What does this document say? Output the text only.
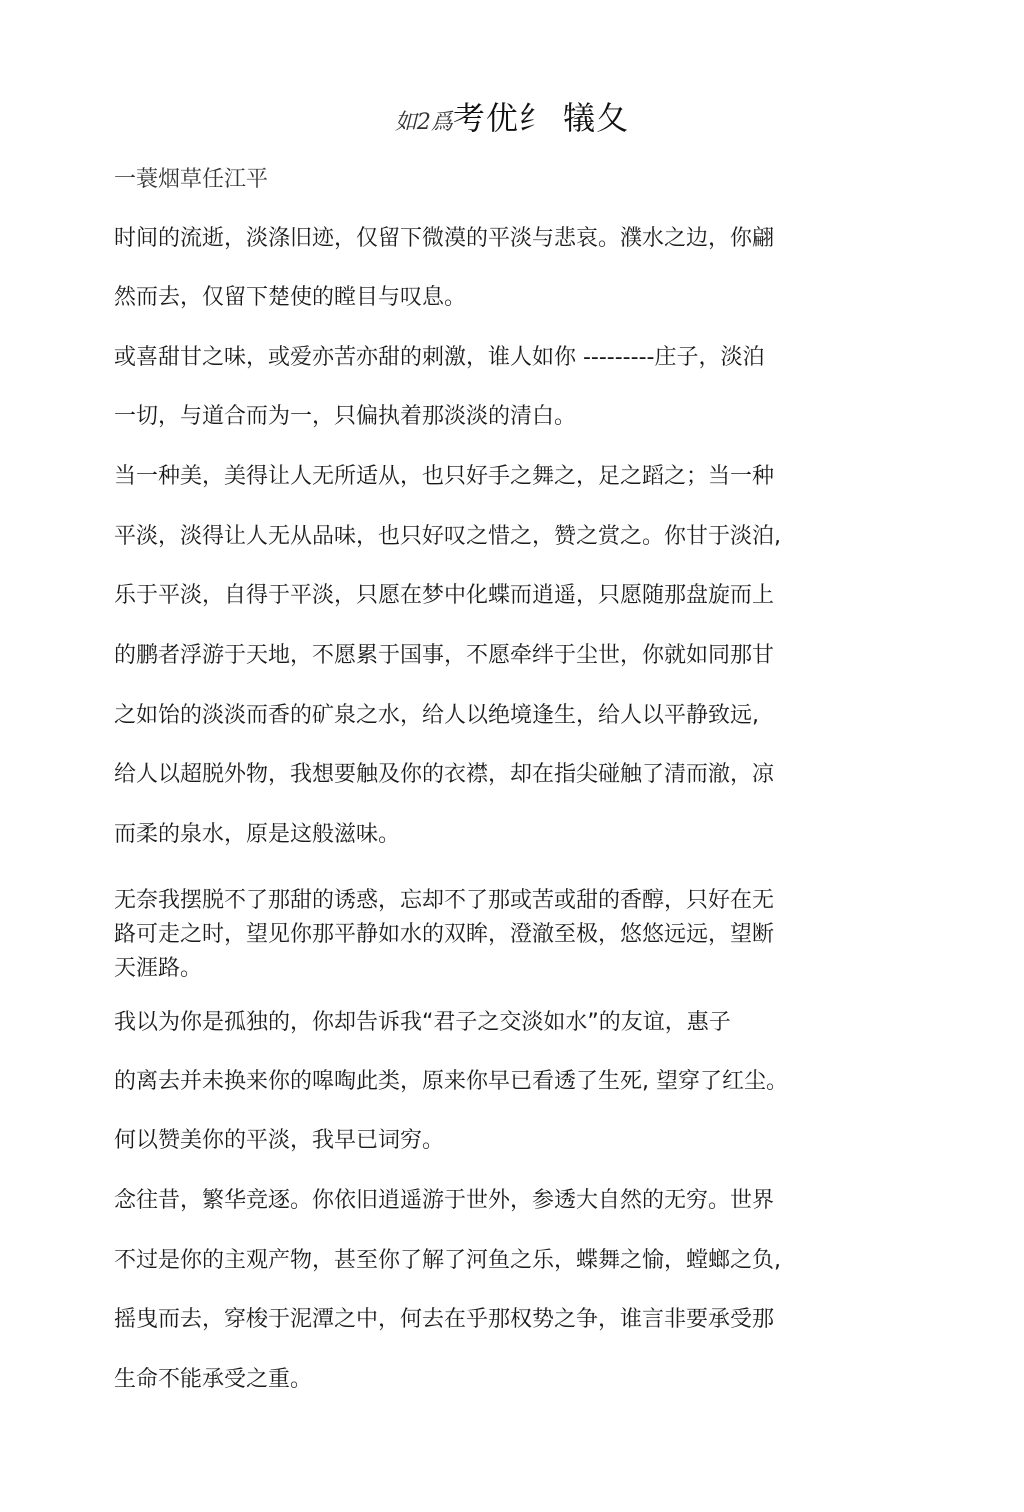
如2爲考优纟 犠夂
一蓑烟草任江平
时间的流逝，淡涤旧迹，仅留下微漠的平淡与悲哀。濮水之边，你翩
然而去，仅留下楚使的瞠目与叹息。
或喜甜甘之味，或爱亦苦亦甜的刺激，谁人如你 ---------庄子，淡泊
一切，与道合而为一，只偏执着那淡淡的清白。
当一种美，美得让人无所适从，也只好手之舞之，足之蹈之；当一种
平淡，淡得让人无从品味，也只好叹之惜之，赞之赏之。你甘于淡泊,
乐于平淡，自得于平淡，只愿在梦中化蝶而逍遥，只愿随那盘旋而上
的鹏者浮游于天地，不愿累于国事，不愿牵绊于尘世，你就如同那甘
之如饴的淡淡而香的矿泉之水，给人以绝境逢生，给人以平静致远,
给人以超脱外物，我想要触及你的衣襟，却在指尖碰触了清而澈，凉
而柔的泉水，原是这般滋味。
无奈我摆脱不了那甜的诱惑，忘却不了那或苦或甜的香醇，只好在无
路可走之时，望见你那平静如水的双眸，澄澈至极，悠悠远远，望断
天涯路。
我以为你是孤独的，你却告诉我“君子之交淡如水”的友谊，惠子
的离去并未换来你的嗥啕此类，原来你早已看透了生死, 望穿了红尘。
何以赞美你的平淡，我早已词穷。
念往昔，繁华竞逐。你依旧逍遥游于世外，参透大自然的无穷。世界
不过是你的主观产物，甚至你了解了河鱼之乐，蝶舞之愉，螳螂之负,
摇曳而去，穿梭于泥潭之中，何去在乎那权势之争，谁言非要承受那
生命不能承受之重。
